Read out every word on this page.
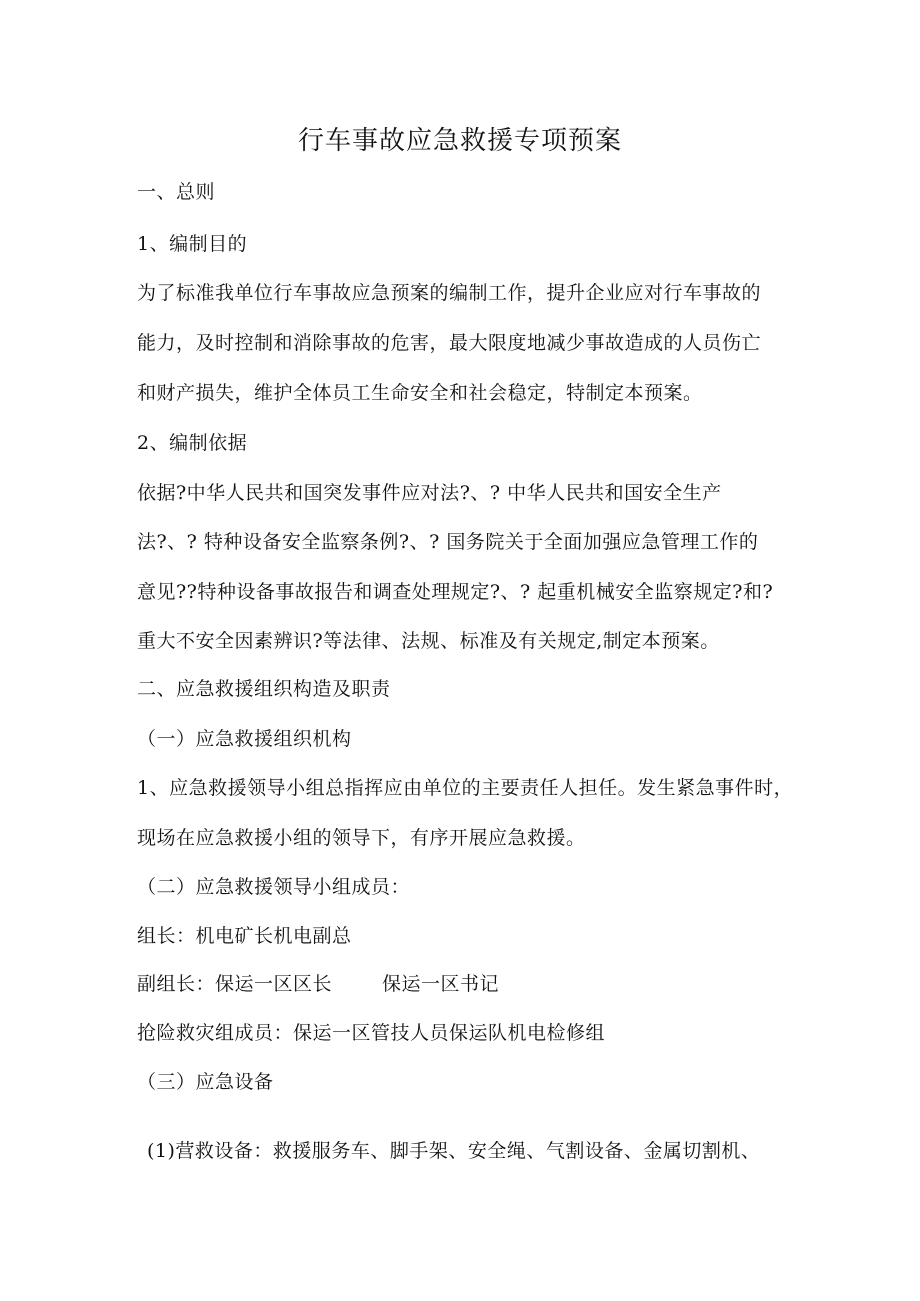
行车事故应急救援专项预案
一、总则
1、编制目的
为了标准我单位行车事故应急预案的编制工作，提升企业应对行车事故的
能力，及时控制和消除事故的危害，最大限度地减少事故造成的人员伤亡
和财产损失，维护全体员工生命安全和社会稳定，特制定本预案。
2、编制依据
依据?中华人民共和国突发事件应对法?、? 中华人民共和国安全生产
法?、? 特种设备安全监察条例?、? 国务院关于全面加强应急管理工作的
意见??特种设备事故报告和调查处理规定?、? 起重机械安全监察规定?和?
重大不安全因素辨识?等法律、法规、标准及有关规定,制定本预案。
二、应急救援组织构造及职责
（一）应急救援组织机构
1、应急救援领导小组总指挥应由单位的主要责任人担任。发生紧急事件时，
现场在应急救援小组的领导下，有序开展应急救援。
（二）应急救援领导小组成员：
组长：机电矿长机电副总
副组长：保运一区区长	保运一区书记
抢险救灾组成员：保运一区管技人员保运队机电检修组
（三）应急设备
(1)营救设备：救援服务车、脚手架、安全绳、气割设备、金属切割机、
